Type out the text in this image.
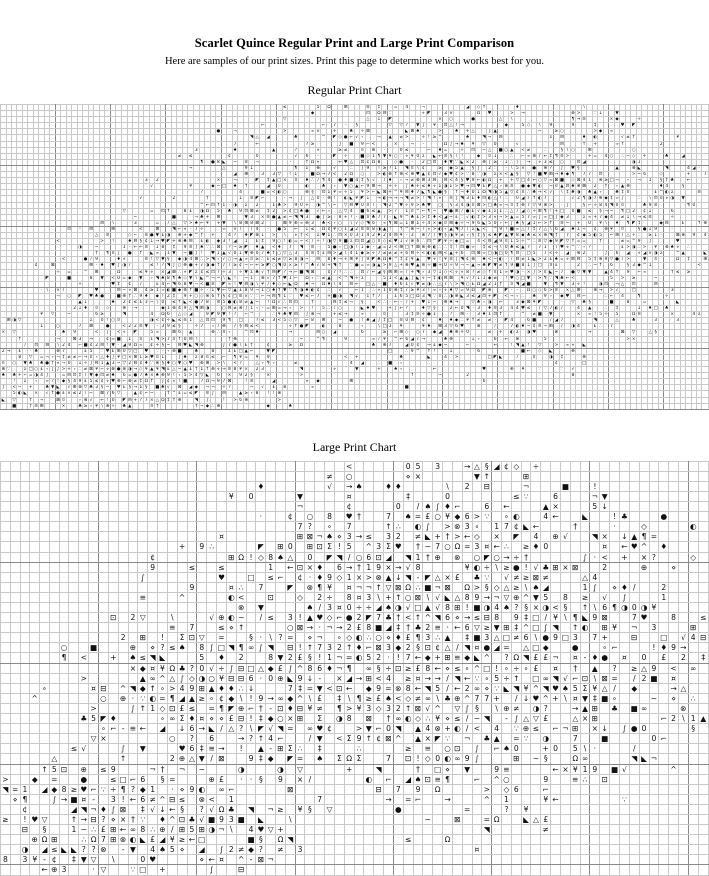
Scarlet Quince Regular Print and Large Print Comparison
Here are samples of our print sizes. Print this page to determine which works best for you.
Regular Print Chart
																																																			≤						5		Ω			⊞				≡		‡			=		4			¬								◢		◇	↑						♦												\																						
																																																								◆										⊡		Ω	⊟	∵						⋄	◤			3	×					Ω		♥				>		→									⊗	>			∵	↓			▼																
																																																			▽															△		↓		◤									×		○				●					△		\											¶	→	≡					×	◆				÷												
																																															←											⌐		7		-		§						▽		▽	?		▼	∫		¥		⊡	△	!	→								◆			5	◇		\		9				9				‡					♥		◤													
																																							●			¬									>					∞	×			+			♣		÷	⊠							◣	⊞	♠				>			♠		+	△			∫	▲								~			≥	○						>	◆		∞																	
																																													◥	△		◢					♣					^		◤	◇	●	⌐	√	∘			¬		▲		≠	>			÷	!	≥	^					♠			◥	¬		⊟									1		⊟				♦		◐					√	≠	†								¥					
																																										7				←									?	≥					∫		■		9	⌐	<				×			¬		-				Ω	∫	→	♠		¥		▽		0				√								⊟				↑		+				∞	↑							2								
																																			3							♠							▲				?				⋄				≥	≠			¤		⊕		·			0	≤				⌐		♦	=			÷		⊡		~	△		■	○	▲		<	≠			∴			§	\	○			⊞								○													
																																≠		≤							¢					0							√		6		-			◤		÷			■	◇	1	¶	▼	¥	○	∵	⋄	¥	0	Σ		◣	←	≡	§	\	!			◆		¤	↓			∴		⌐	∞	⊕	/	←	‡	¶	≡	>				+	=		4	○		∴	~	◇		+				♣			◢				
																																				¶		●	8	◣		~		≡		¬						-			†	Ω	⋄				←	♥	△		⊡	¢	Ω	8			◇	●		-		2	□	⊡		♦	▼	∵	◣	×	2		⊕	∫	≥	·	↓	∴	\		→		⋄	3	≤		○			⊡	◢									◑	↓												
																																		¬						△				9	↓								¶		Σ		⊕			√			∴		∫	9		!	≥	?	1		◥	¤	\	¢			≥		◆	5	▲		§	∫		2	∵		·	\	5	×		●		⊕	?		∫		♥	§							▲			⊗	◣					◥				4	◢	·	
																																										◢		⊞			3		3	▽		!	↓			■	Ω	→	7	<		2	Ω		○			>	◐	⊗	↑	⊕	<	⊕	♥	▲	¢	⊡	√	◆	♥	¢	>	∵	8	∵	◑		Σ	×	<	▲	§		▽	!	■	♥	⊞	→	♦	◆	¶		7	7		⊡						>	~	6			◇					+			7
																										3		2											×			¬		∵		◤		‡	▲	□	×		¤		♦	∴	/	¶	4		●	♦	■	4	‡	§	√		/	♦		∘	¬	≠	⊕	⊞	3	⊟		⊟	<	4	§	♥	9	←	◐	Ω		+		+	▽	□	4	←	○	▽	∞	⊠	■		◇	⊠	4	1		⊗	≥	□	¬		∘		¬		1		§	†	♣			←			
																											√							¥				◆	~	□		♠		†				◢		0					◐			♣		∘		▼	○	▲	⌐	9	⊞	→		+	÷		∫	♠	+	≤	♦	⋄	Σ	◑	Σ	>	♥	→	⊡	♥	£	◤	△	∘	⊕	≡		●	◆	▼	◐		¬	¤	▲	⊡	♠	⊕	⊠		2		†		∘	▲	⊕						♦	4			§				
																																				?							4				■	=	<	◐	○				⊕	§		⊡	Σ	¥	∞	÷	5		¥	>	⌐	◣	⊠	+	^	¥	⊟	♦	7	◣	¶	◣	●	§		↑	¬	♦	0	↓	Ω	◥	◑	5	▲	▽	¢	¤	∴	♣	→	<	√		\	‡	♣	◑		♣	▲	∘			♣	‡	¤					£	^	◐	Σ					≡	
																									√						2						†						↓		≡	◤	⌐				·	→		∫		△	0	·	⊕	!		◐	◣	¥	◤	↓		→	◐	→	→	¬	◥	≠	>	!	◥	!	⋄		≡	∫	◥	3	£	♦	⊡	◐	△	!	∴		0	◢	/	↑	◐	7					√	2	¶	◑	7	⊕	◆	‡	∞	∫			∴		\	⊡	¤	⋄	◑		▼				
																																				^	←	⊡	↑	1	·	◑		Σ		2			Σ	♣	>		9	0	+		◑	^	\	~		▽	⊟	♥	0	¤	\		◥	2	^	▼	÷	9	>	♣	♥		○		§	3	4	◑	¤	⊠	>	□	♣	∞	¬	¤	‡	⊕	7	▽	9	⊗	>		·	∫			§	⌐	÷	8	4	◥	0	¤				♣	9	≡						¶	0		
																						▽					=		⊡	↑			8	£		◑	Ω		5		♣		9	⊡	⊠	≠		‡	2		>	¢	□	♠	●		√	←	∘		△	▽	4		■	6	≤	▲		>	?		Σ	¤	^	⌐	¶	~		♥	●	⊞	/	●	£	√	◆	£	Σ	Σ	∴	△	/	◢	◇	÷	⊞	¶	!	+	□		0	■		≤		§	¬	~		¶	□	2		¢	↓				6						
																								~							■				¬	♣	+		⊞					▼	3		×	≡	●	▲	≠	~	◥	◥	3		●	∫	≥	·	8	+	?	-	■	¤	♣	7	7	·	◣	9	^	♣	£	>	‡	♦	<	◢	~	£	∵	√	◐	‡	>	3	⋄	¬	>	▲	=	5	7	∞	∫	∞	□	∫	◆	3			Σ	∞	+	7	◆	4		≠	↓	\	→	≤	≡				÷						
																		⊟		\				3				=		/	△		▽	>	♠	←	¥		+	▼		\	8	⊞	8	⊠	2				⊠	9	⊕	∞	⊕	3		♣	<	∘	○		\	√	◇	◥	6		∞	¶	⊠	=	Σ	⊞	Σ	÷	4	×	◆	¤	⊞	◆	÷	¬	9	6	◣	5	0	∘	←	∫	♠	§	◢	1	←	>	↑		≡	~		+		0		¥	\		♦		¶	◤	‡				◆	⊟			£			↑	⊕
												⊡		!		⊟				⊞					<			⊞			◥	⌐	⋄	·	7	÷				∞		×	\		/	4		·		●	5		←		↓	≤		Ω	¢	¥	○	1	◢	2	≡	≡	8	◑	▲	!		↑	^	⊗	~	?	⋄	>	◐	∘	▲	◥	7	/	Σ	◣	<		^	9	?	■	∞	△	/	‡	7	△	\	6	◢		♠	Σ	÷		¢		⊗	¥		¤			§	●	↓	9			-						
																	△		≡				◇	⌐		≡	●	▼	£	◑		⊕	+	◆	^	†		+			4	?		♦	◤	⊗	↓		>		\		⋄	†	<		Σ	♥	Σ	∴	⊡	×	0	3	1	4	2	♦	2	4	⊟	¥	-	3		⊗	7	\	▼	§	◑	¥	≠	∘	§	‡	§	≤	♠	◤	▲	▼	8	◆	♣	≤	×	⊕	◥	†		7		¢	◆	5	◐	5		⌐	⊞	/	△	÷	∴		≥	↓	·			⊠	⊗		9		4
										<								>		!			♠	⊟	§	¢	↓	→	♥	◤	+	⊗	♣	⊟		£	◐		◆	3	!	◢		1		£	‡		9	○	!	◐	=	~	<	/	÷	!	◑	▽	9	■	Σ	⊡	⊡	◢	○	¤	◇	≤	♥	↓	√	⊗	6	∴	⊡	^	◤	¥	÷	◆	□	=		4	<	⊟	◢	9	¤	↓	5	÷	^	∴	≡	▽	◆	9	◤	▽	†	=	=			†				≠	=	^	9		∫					♥					
														◑			~					1	-	←	←	≡		↓	8		‡		9	≡	∫	♠	∵	∴	⊠		?	~	≥	◤		♦	▲		<	♦		7		◥		≡	·		5	●	∘	□	◑	!	↓	◆	·	◢	=	2	<	⊞	□	↑	⊠	⊗	⊕	◐	∴	∴	‡	!	⊡	●	∞		‡	≤	¬	\	0	♣	≤	▲	?		7	1		\	♥	⋄	^	∵	∘	?						£	>	◑	∴	>		¥		⊗	♠	⋄		∴			
																	†		¶	¤	∫		●		↑		◣	∞		1	▼		~	■	∫	!		♥	↓	▲	√	0	↓	▼	⊕	0	7	♠	↑	○	▽	△	3		¤	≡	‡	£	⊟	>	◢	\	4	Σ	◆	≥	÷	7	≠	≠	≠	+	6	⊟	÷	<	◐	◐	⊞	<	▲	+	6		⊡	⊠	∞	□	◑	□	0	¶	⊡	∵	□	5		7	<	÷		◢		⊗	2				∫		6		◢		⋄	◢	×	◑	Σ			^	▲				◣
											<				●	/	9				♦	⋄				≡	!	▽	▼	§		◆	◑	4	⊞	∴	>	◥	∘	√	○	→	▲	∞	¤	≥	∴	£	≤	≠	▽	≥	8	◑	~		⊟		8	♦	→	+	⊞	¥	∫	9	◤	♣	Ω	♦	^	‡	¢	¥	▲		♥	+	!	¥	≡	∫	◥	¢	⊕		♠	<	~	◐	·	/	⊟	≠	1	◣	>	2	£	♠	=	⋄	⊞	⊟		5	‡	⊗	9	▽	●	/	>			▼		4				Ω		‡			⊞
						¢			⊠							⊞	·	♠		♥	∫	◑	/				≤	!	?	◥	∫	○	⊕	●	+	√	◑	◆	↑	/	/	≥	¢	~	⌐	←	≥	◤	○	◥	0	×	≥	?	^	♣	√	8	+	◥	†		∵	●	=	∞	◑	▲	>	9	△	+	⊗	♥	▲	⊕	÷	■	+	0	÷	9	¬	~	▲	¬	♣	◤	▼	≠	↑	9	■	8	1	∫	□		¤	£				2		∴	~	↑		6			§	3	◆	^	1									<	
										÷		=			^		⊞				Ω				≤	¥	⋄		×	◢	⊠	∴	⋄	◤	Σ	¢	≤	⊡	?	÷	3		÷	▼	Σ	♣	√	†	⊟	◤	?	→	⌐	■	◥	⊠			¢	7	?	∴	∴		⊡	/	←	◢	§	⊞	⊞	∞	/	+	◥	∘	3	▽	↓	◇	<	⋄	⋄	8	?	≠	◇	↑	¤	Σ	∞	♥	◑	-	×	∫	>	¤	◣	~	7		●	▽	▼	▼			▲	4	↑		9		⌐	∞					†	≤		≥			
								◤				■				8		▼		<	0	=	◆		▼		∘	◥	♠	8	¶	♠	◇	▼	\	◣	^	¬	~	\	◣	!		~	1		⊗	√	7	↑	♥	1	⌐		Ω	∘	∵	≠	▲		<	^	◥	÷	Σ				5	1	<	▲	▲	∫	◣	⋄	~	‡	◐	⊟	⊠		¥	√	7	↓	1	◆	≠		!	♥	○	□	▼	·	>	¶	∵	◥	♣	←	<							5		>		≥				~									
														÷						♥	‡		¢		/			£	4	⌐	◥	6	8	♥	¬	<	■	≡		◤	∞	!	♥	⊟	◑	\	¥	/	♦	◇	←	◣	Ω		♠	¬		Ω	♦	\	4		⊟	←		□	△	·	■		♦	6	Σ	√	▼	≠	◑	∴	△	7	\	>	◥	○	£	Ω	◢	2	1	†		¤	◥	◢	■			▼		¶	▼		3	⋄	!			◑	⊡		¬	△		⊡				⊟									
							·	\		×	/						♥				⊟	~	⋄	⊠		4	≥	1	∞	◐	■	◆	⊕	↑	■	÷	-	1	▼	←	▽	▲	£	8	9	¬	1	○	♠	†	▼	∵	¶	◑	♠	◐	¢		∴		√			⌐	1		∴	⋄	1	0	⊗	‡	/	≥	¥	3	!	∞	∘	⋄	♦	▽	=	9	Ω		◤	⊕			◤	·	-		Ω	○	◇	6	>	≡		×	△	⊞	·		⊕	→		>	√			□							3						
										¬		○		◤		♥	♣	●			■	⊕	†	∴	9	♦		◆	!	2	‡		9	+	○	◇	⊗	6	†	§	¢	□	≡	×	∵	∵	⌐	→	⊟	¶	1	∵		♥	≤	⌐	7		+	■	◑		◥	√		1	↑	7			Σ	6	5	□	Ω	3	◥	∵	0	∴	◑	⊕	◣	3	≤	◢	⊡	+	◤		<	¬	∘	∴		♣		9	∘		◆	♥		⊟	⌐				∴	⌐		4			¶					÷							
														▲	↓					♠		2	¢	≤	£	3	~	\	0		≤	↑	◣	<	●	7	8		≡	5	●	◐	8	≠	▲	~		!	Ω	√	∴	⊡	⊡			†				⊟	‡	≤	¬		§			<	∴	·	←	-	/	+		♥	↓	~		⊕	♠	→			▽	♣	∘	◑		←			3	◆	⊠	¥	◤				·		▽		♣	§				■			8			=						◣					
													2	↓	♦		¤		◇			⊕		→					◆	1	⊗	4	9	△	◥	⊞	◑			○	⊟	≠	⊗	∫	1	∘	-	=	⊞	=	→	∘		>		!		5	∴	/	○				◣	♦	♥			+	∫	←	?			♦	▽	§			2	←	0	◥	·	3		♦	≡	3		4	4	♥	≤		/	▽	7	◐	/			4		▲			∴		‡				↓		♦	□		♣							
							¥		▽			~					6	≥				◥					4		Ω	6		△	◇	◢			9	◤	9	▼	!	?		⌐	^				∴	¥	♣	▼	⊟		∫	⊗	¬			+	≤	→			∞				¤				3	‡	≡	÷	●	1			?		⊞	·		3	♦	1	⊡	↑				^		≠	■		▼					×		∞	!	5	÷		5			Ω	≡						×				4	Σ	
	⊞	◑	▽													Σ		0	!	○	¤						◑	<	¢	÷	◣	≤	≡	1		△	⊡	⊡		9	¶		□			?	≤		3	<	5	◇	▽		⌐	8		⊞			~		●		!	♣	◢	∫	‡	□		≡	0	⊟		¢			♦		♦	◆	∴	¥	↑	≠		≠	·		◤	4			6	■			/	◢	7						◥				△			♣				3				3					
							Σ			○				7		⊠			●			<	2	2	≡	▼		-	3	9	≤	§			÷	7		∘	/	⊕		/	§	⊟	≤	<						⋄	↑	●	◤			◐			8				∘			\	□	3		¥				¥	♦		⊞	3	▽	6	♥			⊗			/			7	◐	♦	~	¢	≡	~	⊞		/		◑	4			£	∴		7																	
×		▽									♠		9				<		∫		<	⋄		◤			5	∞			⊠	6		▲				⊗	∴	¤	∘			^	⊡	♦						→					⊟	○		◢					6				≥		⌐	⊞	◇		○	7		◆	◢		♣	⊕	+	0				≠		+		◐	Σ		◑	♥				⊗						→						⊠		▽			△	§									
			↑							¬			⊠	3		→			¢	∞	■		1		¤		1	◥	>	7	¤	↑	0	⊟	!						†	⊕												~			^	¶				9					∞	/	¥		^	←	6	◢	/	→				♠	⊕				↓	∘			6		←		⊗					5															>	×													
				/		⊡		⊟		\	2	4		⌐	■	¢	2	⊟	!	▼	·	◢	9	Ω	∞		¢	+	§	~		⊟	♥	◣	◥	⊗				∫	7	●	\	£	†			¢				≥		Ω													♣		⊕	7			◢	0	¢		→	£	◆	~				⌐					←			!	◥	▲	!		▽			>		∞	⋄		◣																						
2	→		£		·	♣				⊗	7				£	5		∵	♥	£	⊞	0	▽	□		♥		∵	-	∘	⊕	■			♣			8			Σ	£	□	▲	⌐			▼	◤																					□			∴	9	^		↑	!			↓					6								■	←		◇		◣				⊕																								
			8		▽		=	¬	∘	¬	‡	≠	≠	⌐	→	¤	∘	△	♦	∫	¥	□	×	⊞	↓	≥	♥	¤	↓			∫	♠		Σ	8	¤	≤		⌐		¶	¥	=		¥		9														<		+								♣					◣			4		>						□	◤	◣			/			¤			◑		‡				⊕																						
¤		○		▼	♣		♣	●	†	⋄	¬	0		↓	÷	∫	⊟	1	▲	3	~	▽	2	⊟	¢	♦	∵	⊗	§	♦	○	▼	○	♥		⊕	⊞		>	\		<	?			△	∘	¶	∘				≠										4		◢			∴		■		∘					∴																							¢					□																						
⊕	∵			Σ	□	○	£	∘	∫	∫	>	+	∘	∴	≠	⊠	¥	⌐	⋄	⊗	●	⊗	◑	→	◇	¥	▲	¥	◥	£	△	~	▲	£	†	Σ	↑	⊕	⋄	→	≡	8	¥	×		2	3							◥						⋄				▼				+			♠	∘						←									♥					⊕		¥			∵				∵		√																								
♠		♣	+	⌐	=	◑	4	∫			=	⊟	⊡	‡	/	▼	◆	⊡	≠	♠		6	=	●	7	♠	×	♠	⊕	9	!	∘	5	>	4	▽	◣		6		×		9	2	§			×						>																				↑					~					2																			8																								
		!		Σ		∘		∞	?	!	◆	§	4	9	£	5	≤	¢	⋄	♥	⊕	⌐	⊗	≠	‡	Ω	↑		∫	¢	⋄	\	■			7	Ω	¬	9	7	⊠			!	≡				◢						⋄		◆						⊞																								6																																								
∫		<	~		+			♣	▼	◣		√	⊞	⊗	▽	♣	3	§	~		♥	£	§	→	Σ	§		■	♣	√		⊠		◢	◆		¬	¬		÷	?				~		√		£		8					∞																	■																																																						
		5	◐	◣		×		√	↑	●	£	×	≤	2	/	⌐		⊠	7	6	▽			▲	¢	⌐	~			†	^	£	=	≤	◤		≡	∫		⊟			▲	≥	∘	8		!	!	⊗																																																																													
◣		▽			†		¬			⊠	¤			∘	⊗	√		←	!	0		◤	⊟	+	?	7	×	△	Ω	‡	†	⊕			◥		∫			!		>	6	⊕						>																																																																													
		■			†	≡	⊞				×			♣	≥	∘	¥	\	⊗	÷		♣	▲				¤	†							†	¬	◆	∴	⊕									◆				♠																																																																											
Large Print Chart
																																			<						0	5		3			→	△	§	◢	¢	◇		÷																	
																																	≠		○						⋄	×						▼	↑				⊞																		
																										♦							√		→	♠			♦	♦					\		2		⊟				¬				■			!											
																							¥		0					▼					¤						‡				0							≤	∵			6				¬	▼										
																														¬					¢					0		/	♠	∫	♦	⌐			6		←				▲	×				5	↓										
																										·			¢		○		8		♥	†			7		♠	=	£	○	¥	◆	6	>	∵		∘	◐			4	←			◣			!	♣				●				
																														7	?		∘		7				↑	∴		◐	∫		>	⊗	3	∘		1	7	¢	◣	←				†				·			◇					◐	
																						¤								⊞	⊠	¬	♠	⋄	3	→	≤		3	2		≠	◣	+	†	>	←	◇		×		◤		4		⊕	√			◥	×		↓	▲	¶	=					
																		+		9	∴					◤		⊞	0		⊞	⊡	Σ	!	5		^	3	Σ	♥		†	~	7	○	Ω	=	3	¤	←	∴		≥	♦	0						¤		←	♥	^		♦				
															¢								⊞	Ω	!	◇	8	♠	△		0		◤	◥	/	○	6	⊡	◢		◥	1	†	⊕		⊗		○	◤	○	→	÷	†						∫	·	<		+		×	?				◇	
															9				≤			≤					1		←	⊡	×	♦		6	→	†	1	9	×	→	√	8					¥	◐	÷	\	≥	●	!	√	♣	⊞	×	⊠			2				⊕			⋄			
														∫								♥			□		≤	⌐		¢	·	♦	9	◇	1	×	>	⊗	▲	↓	◥	-	◤	△	×	£		♣	∵		√	≠	≥	⊠	≠				△	4											
																			9				¤	∴		7			◤		⊗	¶	¥		¤	¬	¬	↑	▽	⊠	Ω	∴	■	¬	⊠		Ω	>	§	◇	△	≥	\	♠	◢				1	∫		⋄	♦	/			2				
														≡				^					◐	<			⊡			◇		2	÷		8	¤	3	\	+	↑	○	⊠	\	√	◣	△	8	9	→	¬	▽	⊕	^	▼	5		8		≥		√		∫				1				
																								⊗		▼					♠	/	3	¤	0	÷	÷	◢	♠	◑	√	□	▲	√	8	⊞	!	■	◑	4	♠	?	§	×	◑	<	§		↑	\	6	¶	◑	0	◑	¥					
											⊡		2	▽			\				√	⊕	◐	~		/	≤		3	!	▲	♥	◇	⌐	●	2	◤	7	♣	†	<	↑	^	◥	6	⋄	→	≤	⊟	8		9	‡	□	/	¥	\	¶	◣	9	⊠			7	♥			8			≤
																	≡		7			≤	⋄	↑					○	⊠	→	·	¬	→	2	£	8	■	◢	‡	†	♣	2	≡	·	←	6	▽	≥	▼	⊞	‡	^	□	∫	◥		↑	◐		⊞	¥		¬		3				⊞	
												2		⊞		!		Σ	⊡	▽		=			§	·	\	?	=		⋄	¬		∘	◇	◐	∴	○	⋄	♦	£	¶	3	∴	▲		‡	■	3	△	□	≠	6	\	●	9	□	3		7	+			⊟			□		√	4	⊟
						○			■				⊕		⋄	?	≤	♠		8	∫	□	◥	¶	∞	∫	◥		⊟	!	↑	7	3	2	↑	♦	⌐	⊠	3	◆	2	§	⊡	¢	△	/	◥	¤	●	◢	=		△	□	◆			●			∘	⌐				!	♦	9	→		
						¶		<			+		♠	≤	◥	◣				5		♦		2			8	▼	2	£	§	!	1	¬	=	◐	5	2	·	!	7	←	◆	+	⊞	≡	◆	◣	^		?	Ω	◥	£	£	¬		¤	-	♦	●		¤		0		£		2		‡
													×	◆	¤	¥	Ω	♣	?	0	√	÷	∫	⊟	□	△	◆	£	∫	^	8	6	♦	¬	¶		∞	§	÷	⊡	≥	£	8	←	⋄	≤	∘	^	□	!	∘	÷	∘	£		¤		†		▲		?		≥	△	9		<		∞	
								>						▲	∞	^	△	∫	◇	◑	○	¥	⊟	⊟	6	·	0	⊕	◣	9	↓	-		×	◢	→	⊞	<	4		≥	¤	→	→	/	◥	←	∵	∘	5	÷	↑		□	∞	◥	√	⌐	⊡	\	⊠	=		/	2	■		¤			
				∘					¤	⊟		^	◥	◆	↑	∘	>	4	9	⊞	▲	♦	♦	∴	↓				7	‡	=	▼	<	⊡	←		◆	9	=	⊗	8	←	◥	5	/	←	2	∞	⋄	∵	◣	◥	¥	^	◥	♥	♠	5	Σ	¥	△	/		◆				→	△		
			^							○		⊕	·	∵	◐	=	¶	◢	▲	≥	∘	¢	◆	\	!	9	→	∞	◆	^	\	£		‡	\	¶	≥	£	♠	<	◇	≠	∞	\	♣	⊕	^	7	7	+		/	↓	♥	^	+	\	¤	▼	‡	■	∘				~		⋄		∴	
									>				∫	↑	1	◇	⊡	£	≤		=	¶	◤	⊕	⌐	†	-	⊡	♦	⊟	¥	≠		¶	>	¥	3	◇	3	2	↑	⊠	√	^		▽	∫	§		\	⊕	≠		◑	?			→	▲	⊞		♣		■	∞				⊗		
								♣	5	◤	♦					∘	∞	Σ	♦	¤	⋄	⋄	£	⊟	!	‡	◆	○	×	⊞		Σ		◑	8		⊠		†	∞	◐	◇	∴	¥	⋄	≤	/	~	◥		-	∫	△	▽	£			△	×	⊞							⌐	2	\	1	▲
										∘	⌐	-	≡	←		◢		↓	6	→	◣	/	△	?	\	◤	√	◥	=		∞	♥	¢			>	▼	⌐	0	◥		▲	4	⊗	+	◐	/	<		4		∵	⊕	≤		⌐	¬	⊞		×	↓		∫	●	0					§	
									▽	×							○		?		6			→	?	↑	4	⌐			/	▼		<	Σ	9	↑	¢	⊠	^		▲	×	◤	∵		¬		♣	▲		=	∵		◑			7			■					0	⌐				
							≤	√				∫		▼				♥	6	‡	≡	→		!		▲	-	⊞	Σ	∴		‡				∴					≥		≡		○	⊡		∫		⌐	♠	0			+	0		5	\	·				/							
					△							↑					2	⊕	△	▼	/	⊠			9	‡	◆		◤	=		♠		Σ	Ω	Σ			7		⊡	!	◇	0	◐	∞	9	∫				⊞		~	§			Ω	∞					◥	◣	¬					
				↑	5	⊡		⊕		≤	9				¬	†		¬		~				◑				◑		▽					+			◥				†		□	⋄		▼			9	≡					←	×	¥	1	9		■	√					^			
>			◆		=			●			≤	□	⌐	6		§	=				⊕	£		·	·	§		9		×	/						◐		⌐		◢	♠	⊡	≡	¶			⌐		^	○				9			≡	∴		⊡										
◥	=	1		◢	◆	8	≥	♥	⌐	∵	÷	¶	?	◆	1		·	⋄	9	◐		∞	⌐						⊠									⊟		7		9		Ω					>		◇	6			⌐																
	⋄	¶			∫	→	■	¤	-		3	!	←	6	≠	^	⊟	≤		⊗	<		1									7							→		=	⌐			→				^		1				¥	←							∵								
		¢					◢	◥	¬	♦	∫	⊠		‡	√	↓	←	§		?	√	Ω	♣		◥		¬	≥		¥	§		▽							●							=				?		¥																		
≥		!	♥	▽			↑	→	⊟	?	⋄	×	†	∵		♦	^	⊡	♣	√	■	9	3	■		◣			\														~			⊠			=	Ω			◣	△	£																
		⊟		§			1	~	∴	£	⊞	←	∞	8	∴	⊕	/	⊞	5	⊞	◑	¬	\		4	♥	▽	+																					◥						≠																
			⊕	Ω	⊞			∴	Ω	7	⊞	⊗	◐	◣	£	◢	¥	≥	←	□					■	§		Ω	◥												≤				Ω																										
		◑		◢	≤	◣	◣	?	?	⊗		-	▼		4	♠	5	⋄		◢		∫	2	≠	◆	?		≠		3																		¤																							
8		3	¥	-	¢		‡	▼	▽		\			0	♥					⋄	←	¤		^	-	⊠	¬																																												
				←	⊕	3			·	▽			∵	□		+					∫			⊟																																															
